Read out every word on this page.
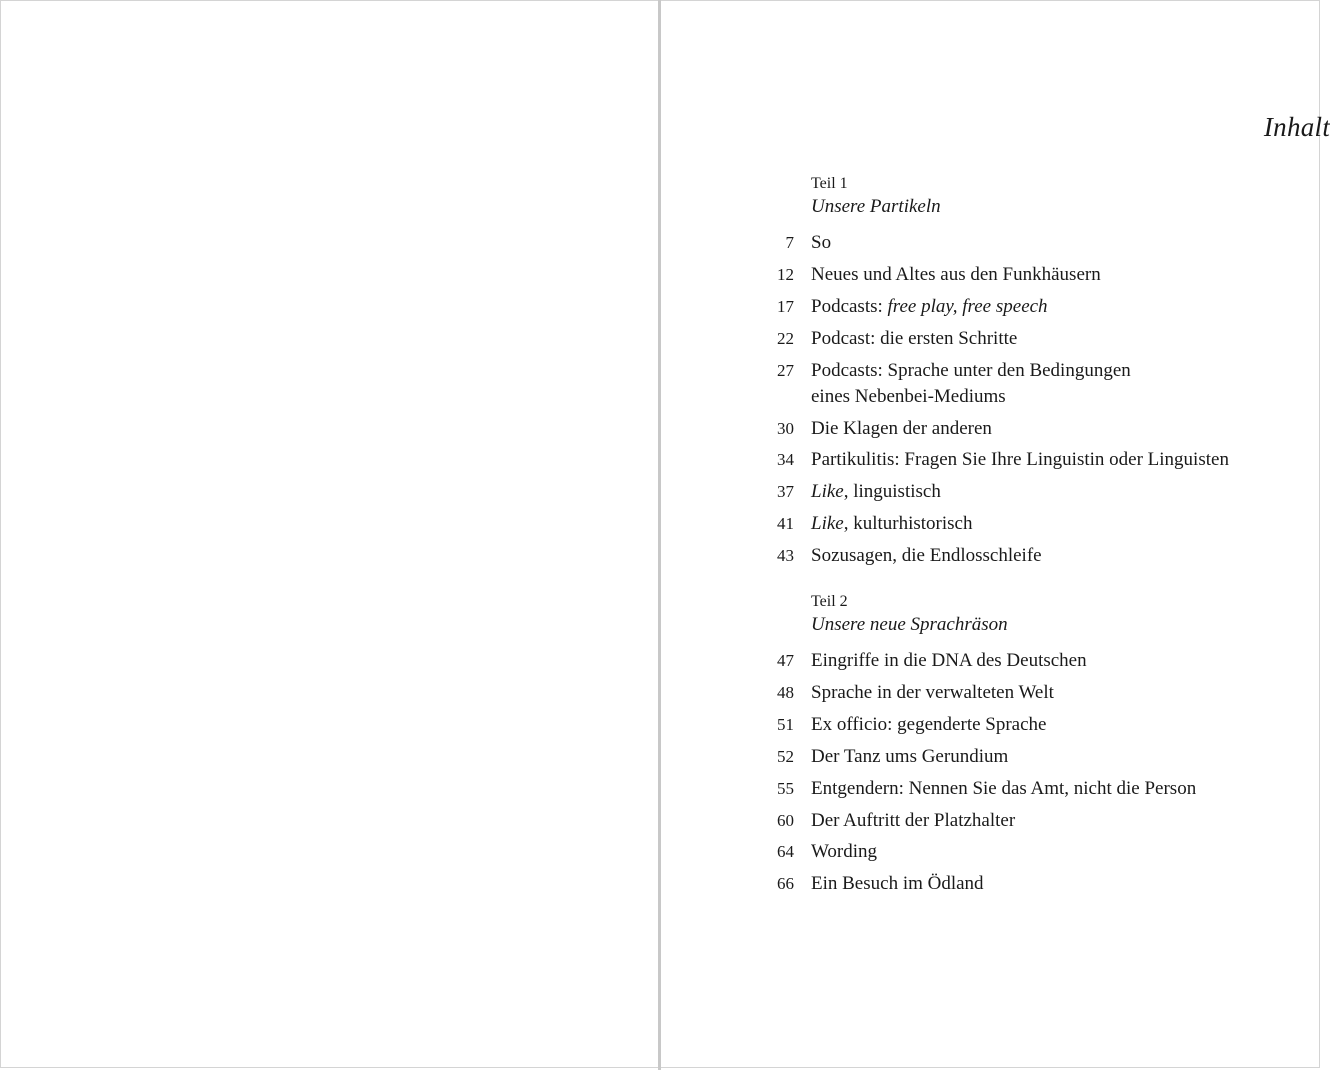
Inhalt
Teil 1
Unsere Partikeln
7 So
12 Neues und Altes aus den Funkhäusern
17 Podcasts: free play, free speech
22 Podcast: die ersten Schritte
27 Podcasts: Sprache unter den Bedingungen
eines Nebenbei-Mediums
30 Die Klagen der anderen
34 Partikulitis: Fragen Sie Ihre Linguistin oder Linguisten
37 Like, linguistisch
41 Like, kulturhistorisch
43 Sozusagen, die Endlosschleife
Teil 2
Unsere neue Sprachräson
47 Eingriffe in die DNA des Deutschen
48 Sprache in der verwalteten Welt
51 Ex officio: gegenderte Sprache
52 Der Tanz ums Gerundium
55 Entgendern: Nennen Sie das Amt, nicht die Person
60 Der Auftritt der Platzhalter
64 Wording
66 Ein Besuch im Ödland
